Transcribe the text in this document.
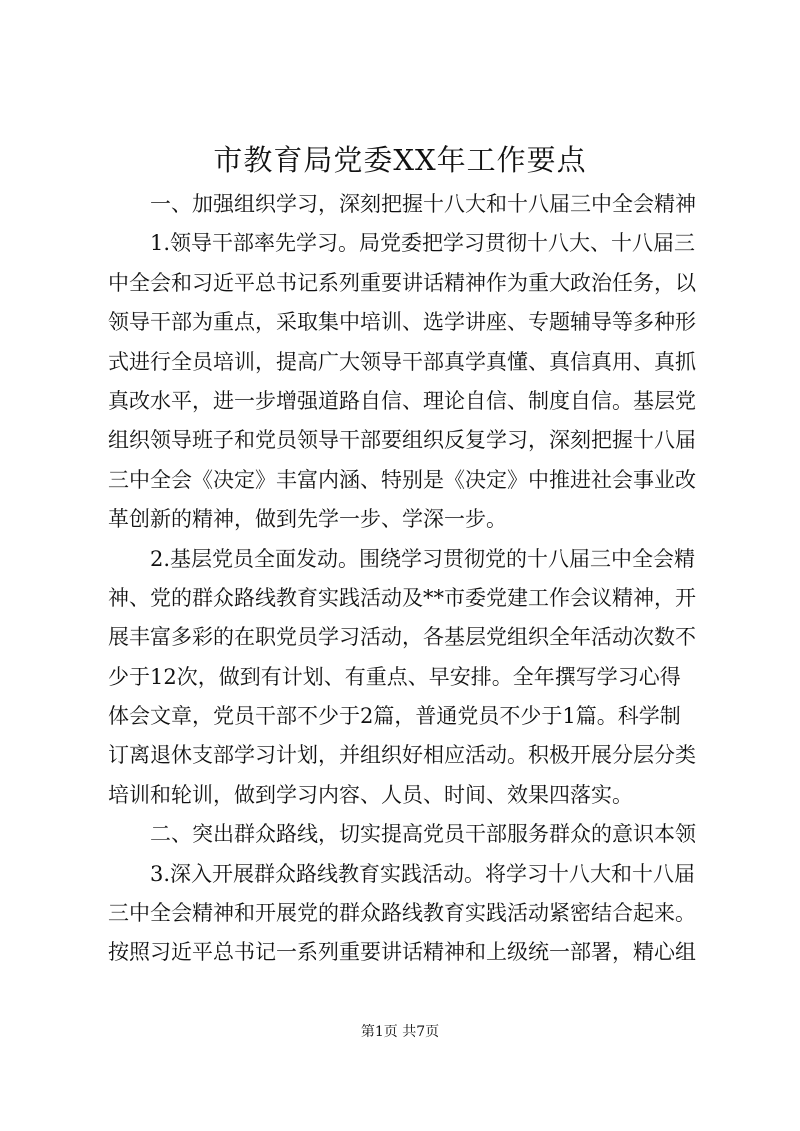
市教育局党委XX年工作要点
一、加强组织学习，深刻把握十八大和十八届三中全会精神
1.领导干部率先学习。局党委把学习贯彻十八大、十八届三
中全会和习近平总书记系列重要讲话精神作为重大政治任务，以
领导干部为重点，采取集中培训、选学讲座、专题辅导等多种形
式进行全员培训，提高广大领导干部真学真懂、真信真用、真抓
真改水平，进一步增强道路自信、理论自信、制度自信。基层党
组织领导班子和党员领导干部要组织反复学习，深刻把握十八届
三中全会《决定》丰富内涵、特别是《决定》中推进社会事业改
革创新的精神，做到先学一步、学深一步。
2.基层党员全面发动。围绕学习贯彻党的十八届三中全会精
神、党的群众路线教育实践活动及**市委党建工作会议精神，开
展丰富多彩的在职党员学习活动，各基层党组织全年活动次数不
少于12次，做到有计划、有重点、早安排。全年撰写学习心得
体会文章，党员干部不少于2篇，普通党员不少于1篇。科学制
订离退休支部学习计划，并组织好相应活动。积极开展分层分类
培训和轮训，做到学习内容、人员、时间、效果四落实。
二、突出群众路线，切实提高党员干部服务群众的意识本领
3.深入开展群众路线教育实践活动。将学习十八大和十八届
三中全会精神和开展党的群众路线教育实践活动紧密结合起来。
按照习近平总书记一系列重要讲话精神和上级统一部署，精心组
第1页 共7页
